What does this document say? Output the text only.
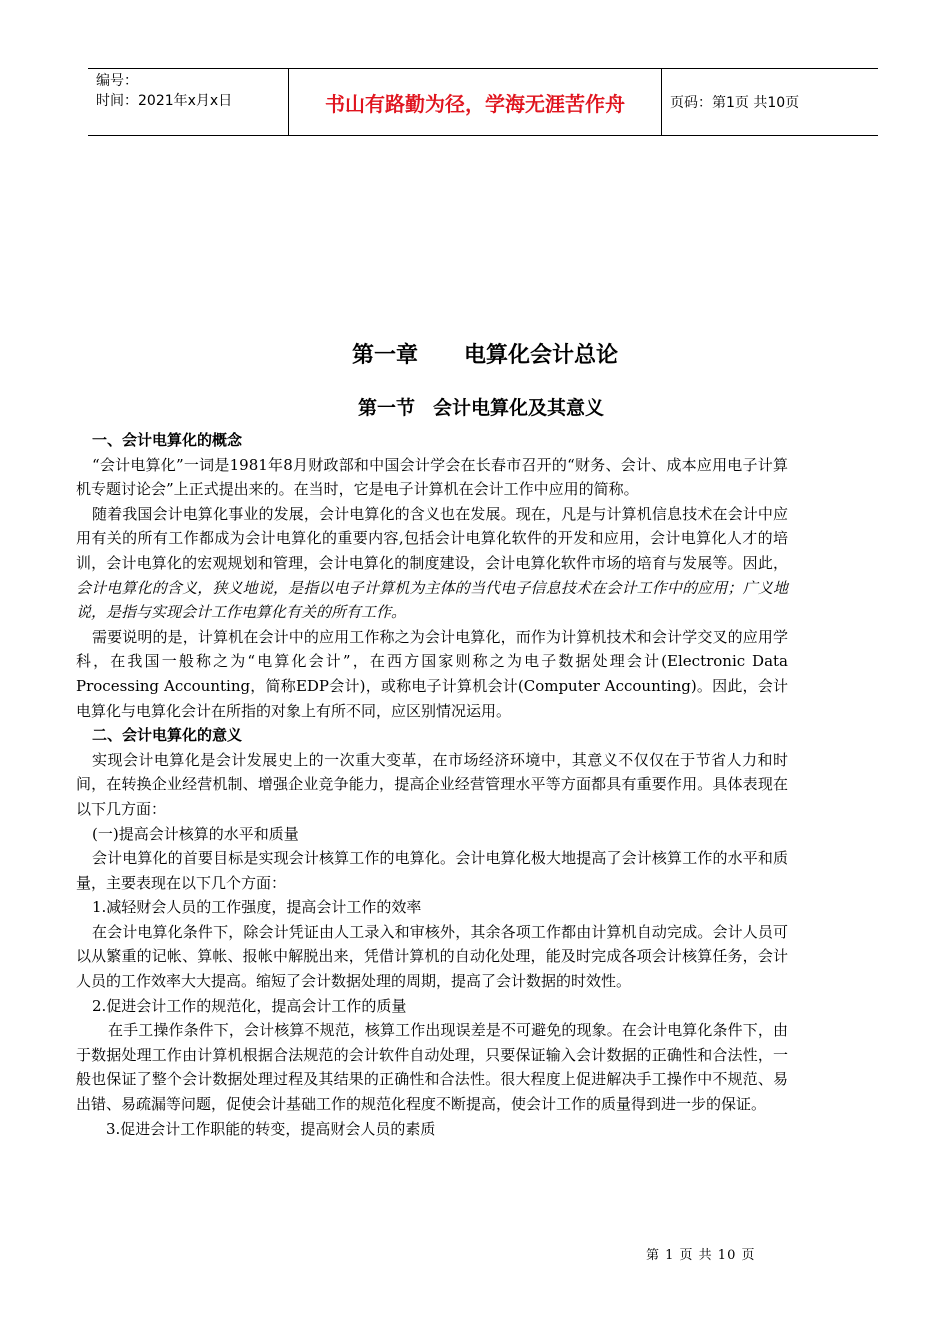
编号：
时间：2021年x月x日	书山有路勤为径，学海无涯苦作舟	页码：第1页 共10页
第一章 电算化会计总论
第一节 会计电算化及其意义

一、会计电算化的概念

“会计电算化”一词是1981年8月财政部和中国会计学会在长春市召开的“财务、会计、成本应用电子计算机专题讨论会”上正式提出来的。在当时，它是电子计算机在会计工作中应用的简称。

随着我国会计电算化事业的发展，会计电算化的含义也在发展。现在，凡是与计算机信息技术在会计中应用有关的所有工作都成为会计电算化的重要内容,包括会计电算化软件的开发和应用，会计电算化人才的培训，会计电算化的宏观规划和管理，会计电算化的制度建设，会计电算化软件市场的培育与发展等。因此，会计电算化的含义，狭义地说，是指以电子计算机为主体的当代电子信息技术在会计工作中的应用；广义地说，是指与实现会计工作电算化有关的所有工作。

需要说明的是，计算机在会计中的应用工作称之为会计电算化，而作为计算机技术和会计学交叉的应用学科，在我国一般称之为“电算化会计”，在西方国家则称之为电子数据处理会计(Electronic Data Processing Accounting，简称EDP会计)，或称电子计算机会计(Computer Accounting)。因此，会计电算化与电算化会计在所指的对象上有所不同，应区别情况运用。

二、会计电算化的意义

实现会计电算化是会计发展史上的一次重大变革，在市场经济环境中，其意义不仅仅在于节省人力和时间，在转换企业经营机制、增强企业竞争能力，提高企业经营管理水平等方面都具有重要作用。具体表现在以下几方面：

(一)提高会计核算的水平和质量

会计电算化的首要目标是实现会计核算工作的电算化。会计电算化极大地提高了会计核算工作的水平和质量，主要表现在以下几个方面：

1.减轻财会人员的工作强度，提高会计工作的效率

在会计电算化条件下，除会计凭证由人工录入和审核外，其余各项工作都由计算机自动完成。会计人员可以从繁重的记帐、算帐、报帐中解脱出来，凭借计算机的自动化处理，能及时完成各项会计核算任务，会计人员的工作效率大大提高。缩短了会计数据处理的周期，提高了会计数据的时效性。

2.促进会计工作的规范化，提高会计工作的质量

在手工操作条件下，会计核算不规范，核算工作出现误差是不可避免的现象。在会计电算化条件下，由于数据处理工作由计算机根据合法规范的会计软件自动处理，只要保证输入会计数据的正确性和合法性，一般也保证了整个会计数据处理过程及其结果的正确性和合法性。很大程度上促进解决手工操作中不规范、易出错、易疏漏等问题，促使会计基础工作的规范化程度不断提高，使会计工作的质量得到进一步的保证。

3.促进会计工作职能的转变，提高财会人员的素质

第 1 页 共 10 页
